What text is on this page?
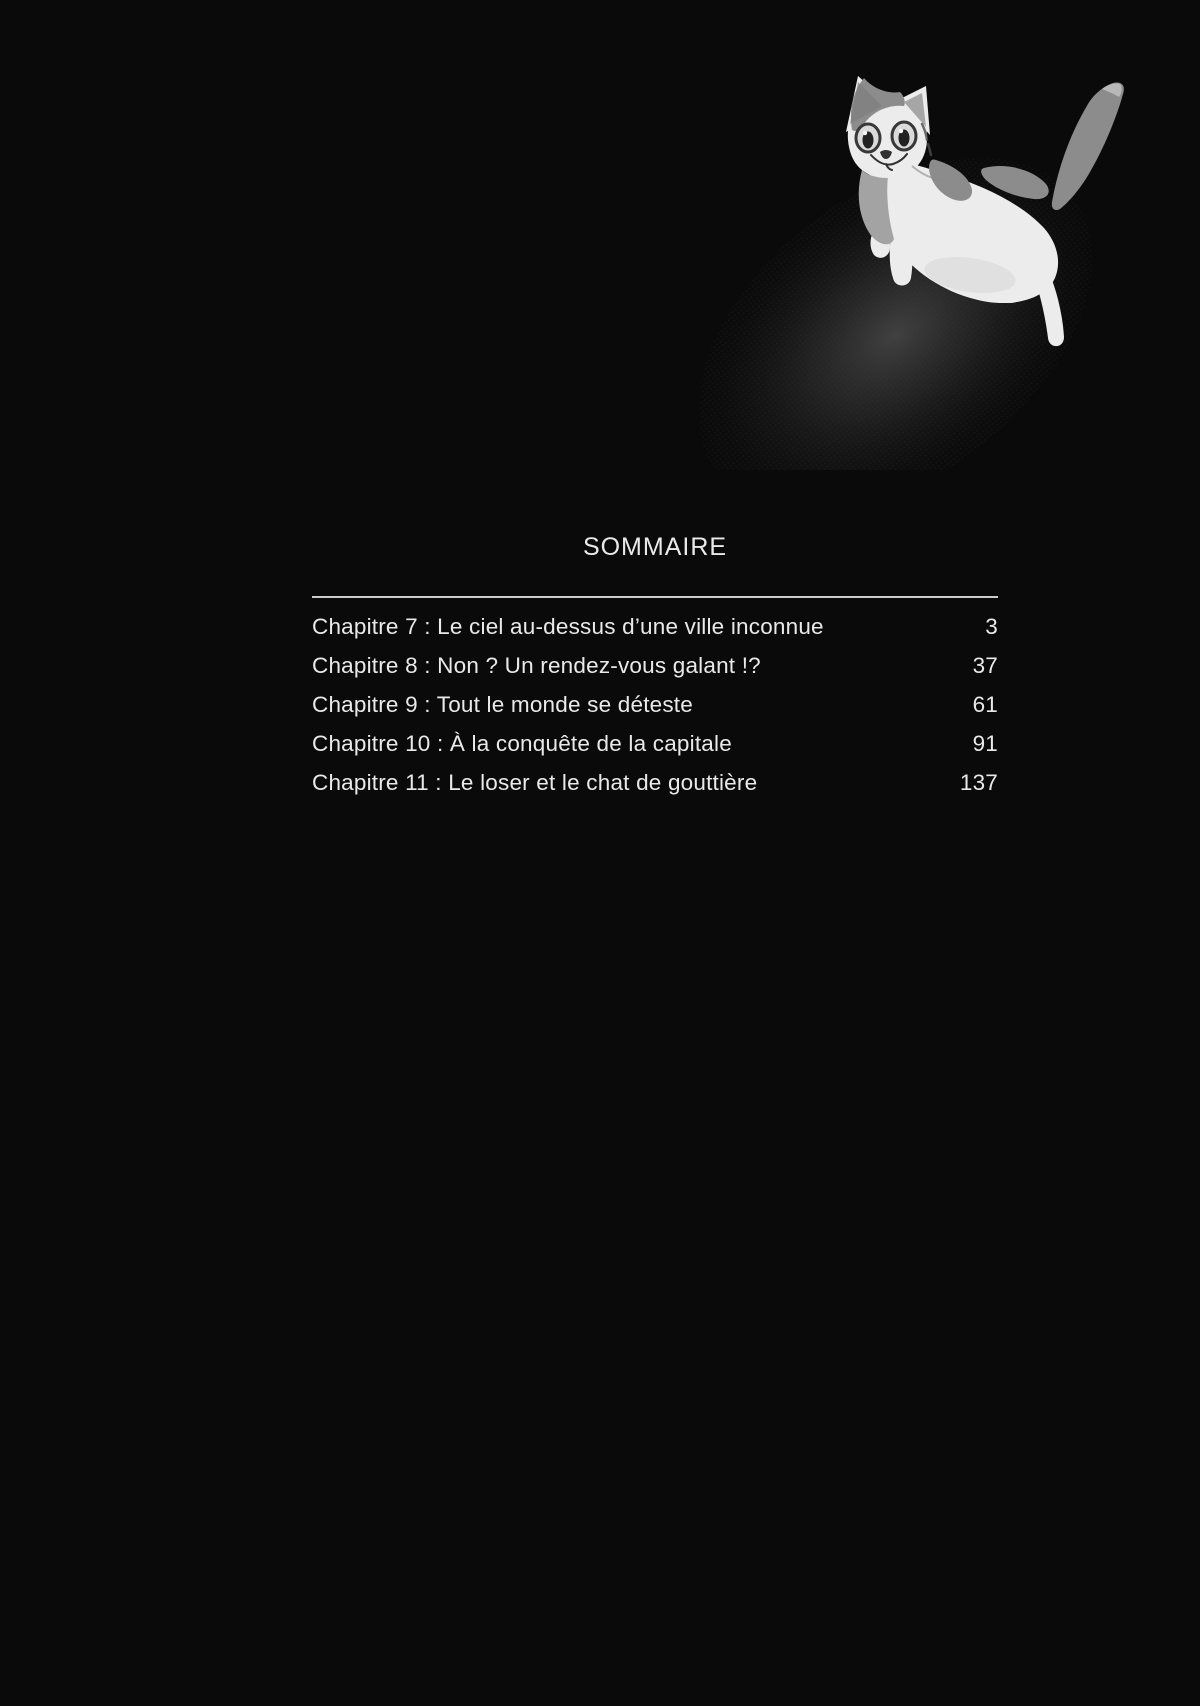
SOMMAIRE
Chapitre 7 : Le ciel au-dessus d’une ville inconnue	3
Chapitre 8 : Non ? Un rendez-vous galant !?	37
Chapitre 9 : Tout le monde se déteste	61
Chapitre 10 : À la conquête de la capitale	91
Chapitre 11 : Le loser et le chat de gouttière	137
